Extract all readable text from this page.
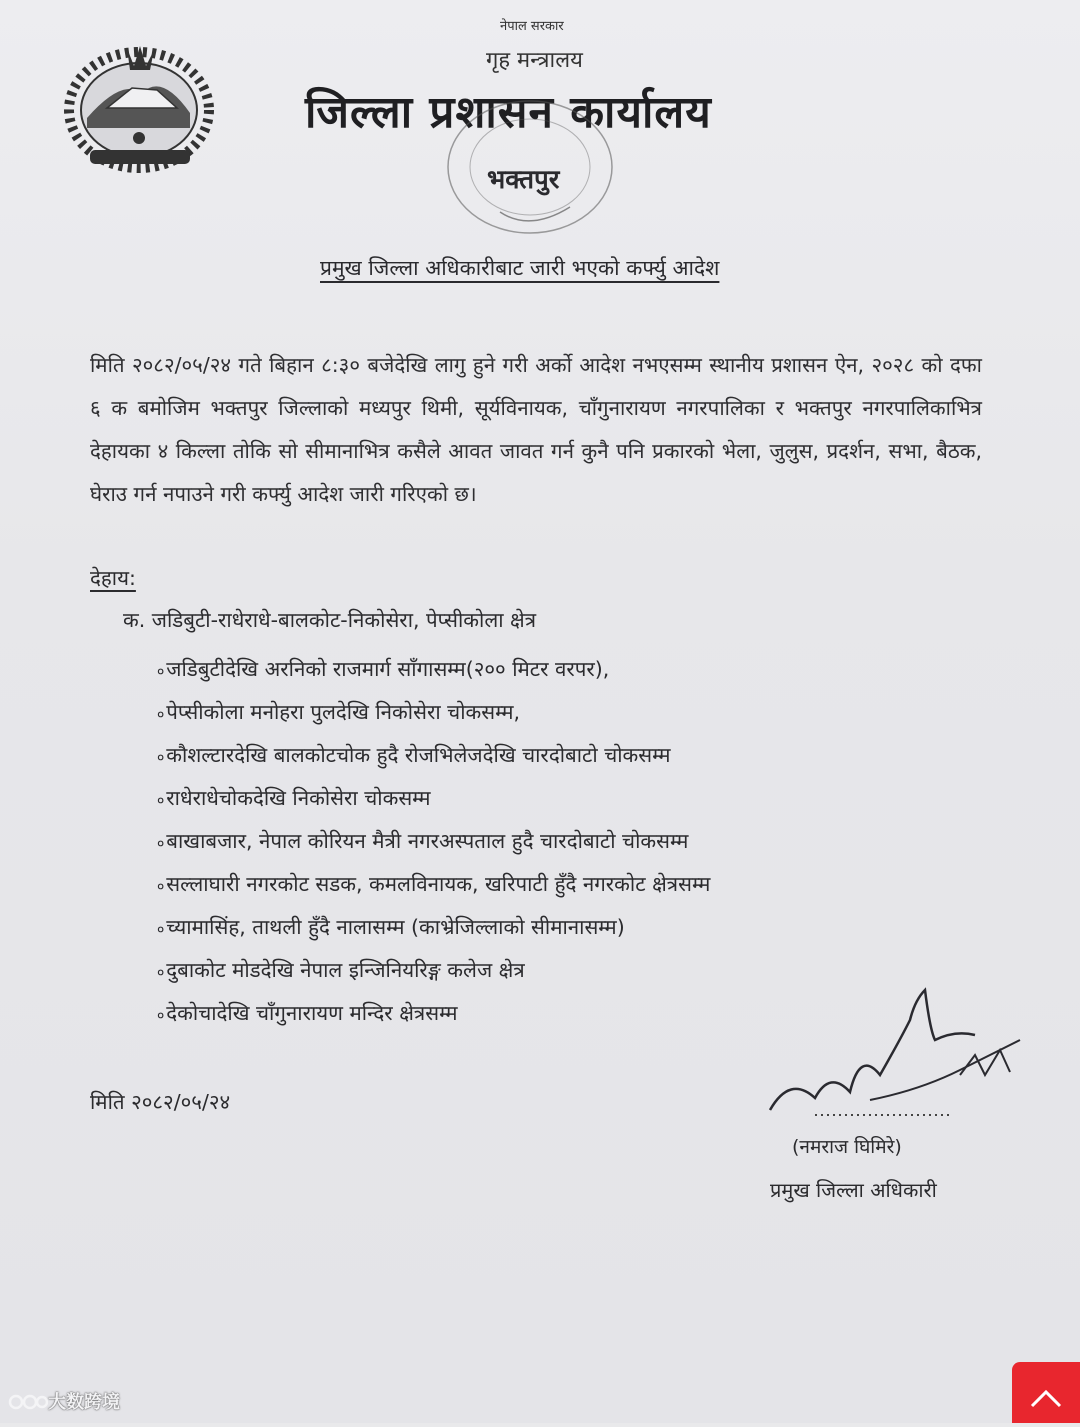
नेपाल सरकार
गृह मन्त्रालय
जिल्ला प्रशासन कार्यालय
भक्तपुर
प्रमुख जिल्ला अधिकारीबाट जारी भएको कर्फ्यु आदेश
मिति २०८२/०५/२४ गते बिहान ८:३० बजेदेखि लागु हुने गरी अर्को आदेश नभएसम्म स्थानीय प्रशासन ऐन, २०२८ को दफा ६ क बमोजिम भक्तपुर जिल्लाको मध्यपुर थिमी, सूर्यविनायक, चाँगुनारायण नगरपालिका र भक्तपुर नगरपालिकाभित्र देहायका ४ किल्ला तोकि सो सीमानाभित्र कसैले आवत जावत गर्न कुनै पनि प्रकारको भेला, जुलुस, प्रदर्शन, सभा, बैठक, घेराउ गर्न नपाउने गरी कर्फ्यु आदेश जारी गरिएको छ।
देहाय:
क. जडिबुटी-राधेराधे-बालकोट-निकोसेरा, पेप्सीकोला क्षेत्र
०जडिबुटीदेखि अरनिको राजमार्ग साँगासम्म(२०० मिटर वरपर),
०पेप्सीकोला मनोहरा पुलदेखि निकोसेरा चोकसम्म,
०कौशल्टारदेखि बालकोटचोक हुदै रोजभिलेजदेखि चारदोबाटो चोकसम्म
०राधेराधेचोकदेखि निकोसेरा चोकसम्म
०बाखाबजार, नेपाल कोरियन मैत्री नगरअस्पताल हुदै चारदोबाटो चोकसम्म
०सल्लाघारी नगरकोट सडक, कमलविनायक, खरिपाटी हुँदै नगरकोट क्षेत्रसम्म
०च्यामासिंह, ताथली हुँदै नालासम्म (काभ्रेजिल्लाको सीमानासम्म)
०दुबाकोट मोडदेखि नेपाल इन्जिनियरिङ्ग कलेज क्षेत्र
०देकोचादेखि चाँगुनारायण मन्दिर क्षेत्रसम्म
मिति २०८२/०५/२४
(नमराज घिमिरे)
प्रमुख जिल्ला अधिकारी
大数跨境
